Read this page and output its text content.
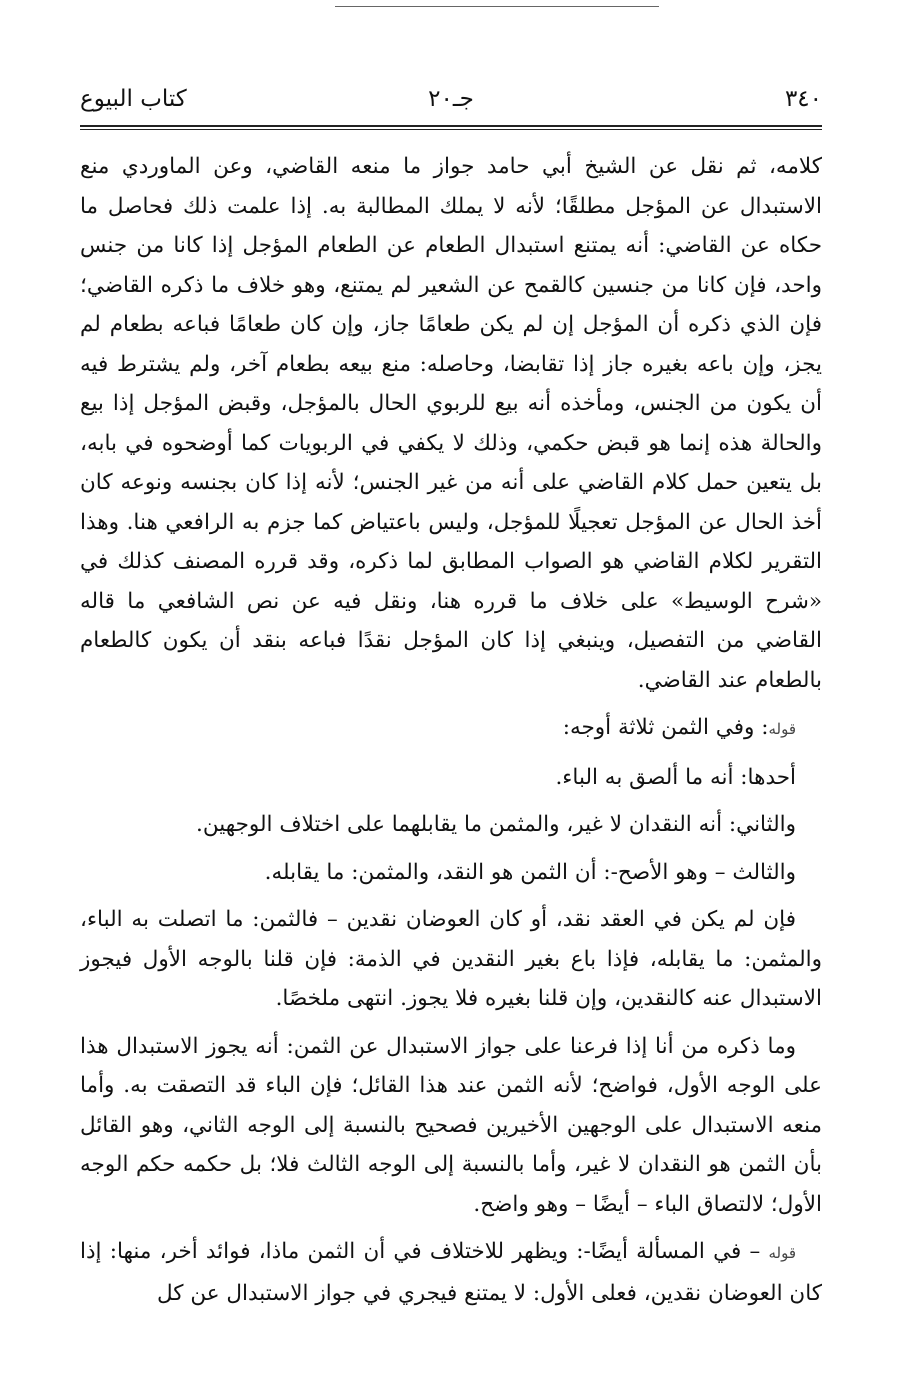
٣٤٠
جـ٢٠
كتاب البيوع

كلامه، ثم نقل عن الشيخ أبي حامد جواز ما منعه القاضي، وعن الماوردي منع الاستبدال عن المؤجل مطلقًا؛ لأنه لا يملك المطالبة به. إذا علمت ذلك فحاصل ما حكاه عن القاضي: أنه يمتنع استبدال الطعام عن الطعام المؤجل إذا كانا من جنس واحد، فإن كانا من جنسين كالقمح عن الشعير لم يمتنع، وهو خلاف ما ذكره القاضي؛ فإن الذي ذكره أن المؤجل إن لم يكن طعامًا جاز، وإن كان طعامًا فباعه بطعام لم يجز، وإن باعه بغيره جاز إذا تقابضا، وحاصله: منع بيعه بطعام آخر، ولم يشترط فيه أن يكون من الجنس، ومأخذه أنه بيع للربوي الحال بالمؤجل، وقبض المؤجل إذا بيع والحالة هذه إنما هو قبض حكمي، وذلك لا يكفي في الربويات كما أوضحوه في بابه، بل يتعين حمل كلام القاضي على أنه من غير الجنس؛ لأنه إذا كان بجنسه ونوعه كان أخذ الحال عن المؤجل تعجيلًا للمؤجل، وليس باعتياض كما جزم به الرافعي هنا. وهذا التقرير لكلام القاضي هو الصواب المطابق لما ذكره، وقد قرره المصنف كذلك في «شرح الوسيط» على خلاف ما قرره هنا، ونقل فيه عن نص الشافعي ما قاله القاضي من التفصيل، وينبغي إذا كان المؤجل نقدًا فباعه بنقد أن يكون كالطعام بالطعام عند القاضي.

قوله: وفي الثمن ثلاثة أوجه:

أحدها: أنه ما ألصق به الباء.

والثاني: أنه النقدان لا غير، والمثمن ما يقابلهما على اختلاف الوجهين.

والثالث – وهو الأصح-: أن الثمن هو النقد، والمثمن: ما يقابله.

فإن لم يكن في العقد نقد، أو كان العوضان نقدين – فالثمن: ما اتصلت به الباء، والمثمن: ما يقابله، فإذا باع بغير النقدين في الذمة: فإن قلنا بالوجه الأول فيجوز الاستبدال عنه كالنقدين، وإن قلنا بغيره فلا يجوز. انتهى ملخصًا.

وما ذكره من أنا إذا فرعنا على جواز الاستبدال عن الثمن: أنه يجوز الاستبدال هذا على الوجه الأول، فواضح؛ لأنه الثمن عند هذا القائل؛ فإن الباء قد التصقت به. وأما منعه الاستبدال على الوجهين الأخيرين فصحيح بالنسبة إلى الوجه الثاني، وهو القائل بأن الثمن هو النقدان لا غير، وأما بالنسبة إلى الوجه الثالث فلا؛ بل حكمه حكم الوجه الأول؛ لالتصاق الباء – أيضًا – وهو واضح.

قوله – في المسألة أيضًا-: ويظهر للاختلاف في أن الثمن ماذا، فوائد أخر، منها: إذا كان العوضان نقدين، فعلى الأول: لا يمتنع فيجري في جواز الاستبدال عن كل
